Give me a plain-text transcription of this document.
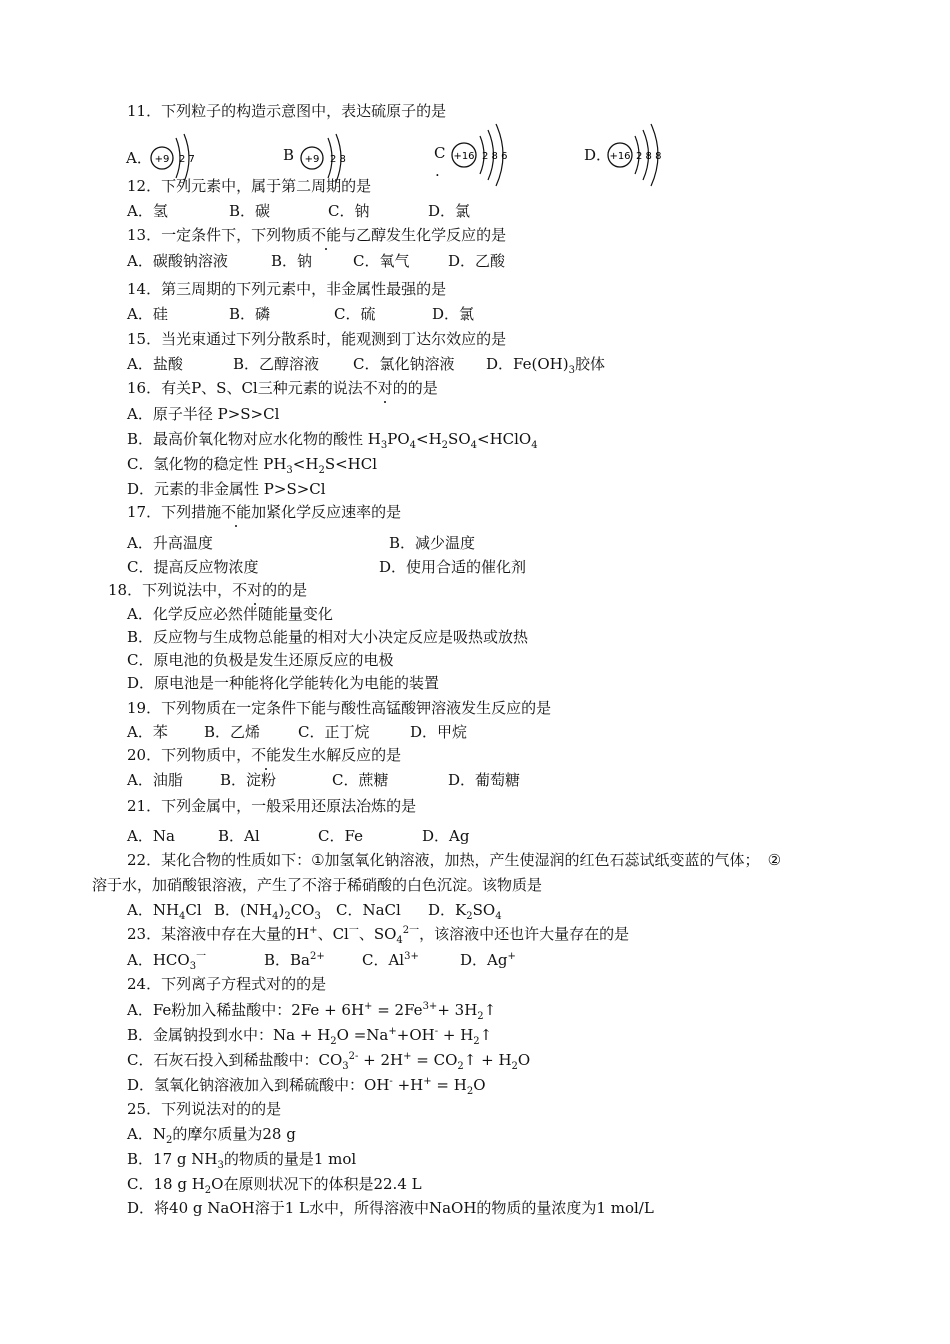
11．下列粒子的构造示意图中，表达硫原子的是
A． +9 2 7	B +9 2 8	C
.
+16 2 8 6	D．
+16 2 8 8
12．下列元素中，属于第二周期的是
A．氢	B．碳	C．钠	D．氯
13．一定条件下，下列物质不能与乙醇发生化学反应的是
A．碳酸钠溶液	B．钠	C．氧气	D．乙酸
14．第三周期的下列元素中，非金属性最强的是
A．硅	B．磷	C．硫	D．氯
15．当光束通过下列分散系时，能观测到丁达尔效应的是
A．盐酸	B．乙醇溶液 C．氯化钠溶液 D．$Fe(OH)_3$胶体
16．有关P、S、Cl三种元素的说法不对的的是
A．原子半径 P>S>Cl
B．最高价氧化物对应水化物的酸性 $H_3PO_4<H_2SO_4<HClO_4$
C．氢化物的稳定性 $PH_3<H_2S<HCl$
D．元素的非金属性 P>S>Cl
17．下列措施不能加紧化学反应速率的是
A．升高温度	B．减少温度
C．提高反应物浓度	D．使用合适的催化剂
18．下列说法中，不对的的是
A．化学反应必然伴随能量变化
B．反应物与生成物总能量的相对大小决定反应是吸热或放热
C．原电池的负极是发生还原反应的电极
D．原电池是一种能将化学能转化为电能的装置
19．下列物质在一定条件下能与酸性高锰酸钾溶液发生反应的是
A．苯 B．乙烯	C．正丁烷	D．甲烷
20．下列物质中，不能发生水解反应的是
A．油脂 B．淀粉	C．蔗糖	D．葡萄糖
21．下列金属中，一般采用还原法冶炼的是
A．Na	B．Al	C．Fe	D．Ag
22．某化合物的性质如下：①加氢氧化钠溶液，加热，产生使湿润的红色石蕊试纸变蓝的气体； ②
溶于水，加硝酸银溶液，产生了不溶于稀硝酸的白色沉淀。该物质是
A．$NH_4Cl$ B．$(NH_4)_2CO_3$ C．NaCl D．$K_2SO_4$
23．某溶液中存在大量的H+、$Cl^一$、$SO_4^{2一}$，该溶液中还也许大量存在的是
A．$HCO_3^一$	B．$Ba^{2+}$ C．$Al^{3+}$	D．Ag+
24．下列离子方程式对的的是
A．Fe粉加入稀盐酸中：$2Fe + 6H^+ = 2Fe^{3+}+$ $3H_2↑$
B．金属钠投到水中：$Na + H_2O =Na^++OH^-$ + $H_2↑$
C．石灰石投入到稀盐酸中：$CO_3^{2-} + 2H^+$ = $CO_2↑ + H_2O$
D．氢氧化钠溶液加入到稀硫酸中：$OH^- +H^+ = H_2O$
25．下列说法对的的是
A．$N_2$的摩尔质量为28 g
B．17 g $NH_3$的物质的量是1 mol
C．18 g $H_2O$在原则状况下的体积是22.4 L
D．将40 g NaOH溶于1 L水中，所得溶液中NaOH的物质的量浓度为1 mol/L
